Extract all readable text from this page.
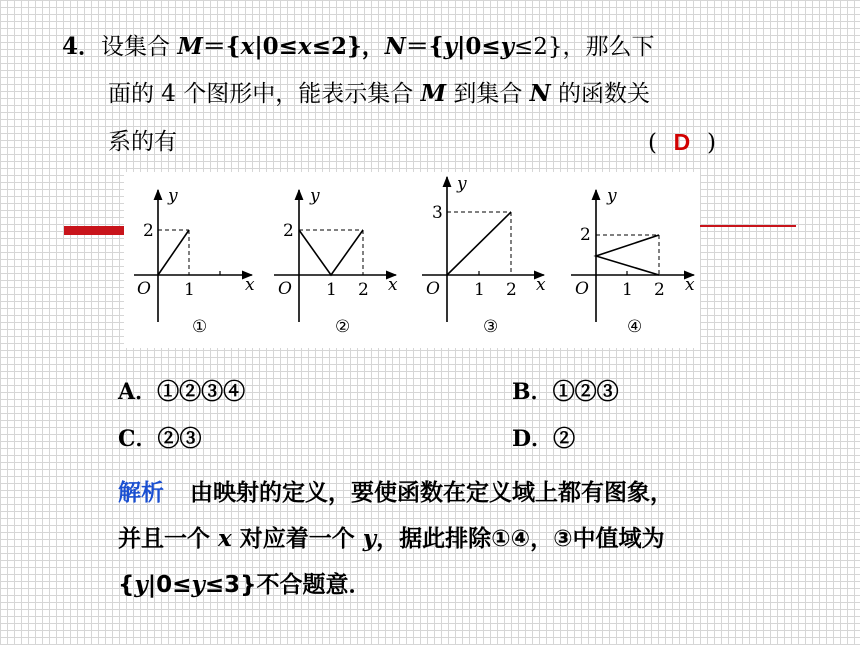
4．设集合 M＝{x|0≤x≤2}，N＝{y|0≤y≤2}，那么下
面的 4 个图形中，能表示集合 M 到集合 N 的函数关
系的有	( D )
y
x
O
2
1
①
y
x
O
2
1 2
②
y
x
O
3
1 2
③
y
x
O
2
1 2
④
A．①②③④	B．①②③
C．②③	D．②
解析 由映射的定义，要使函数在定义域上都有图象，
并且一个 x 对应着一个 y，据此排除①④，③中值域为
{y|0≤y≤3}不合题意．
